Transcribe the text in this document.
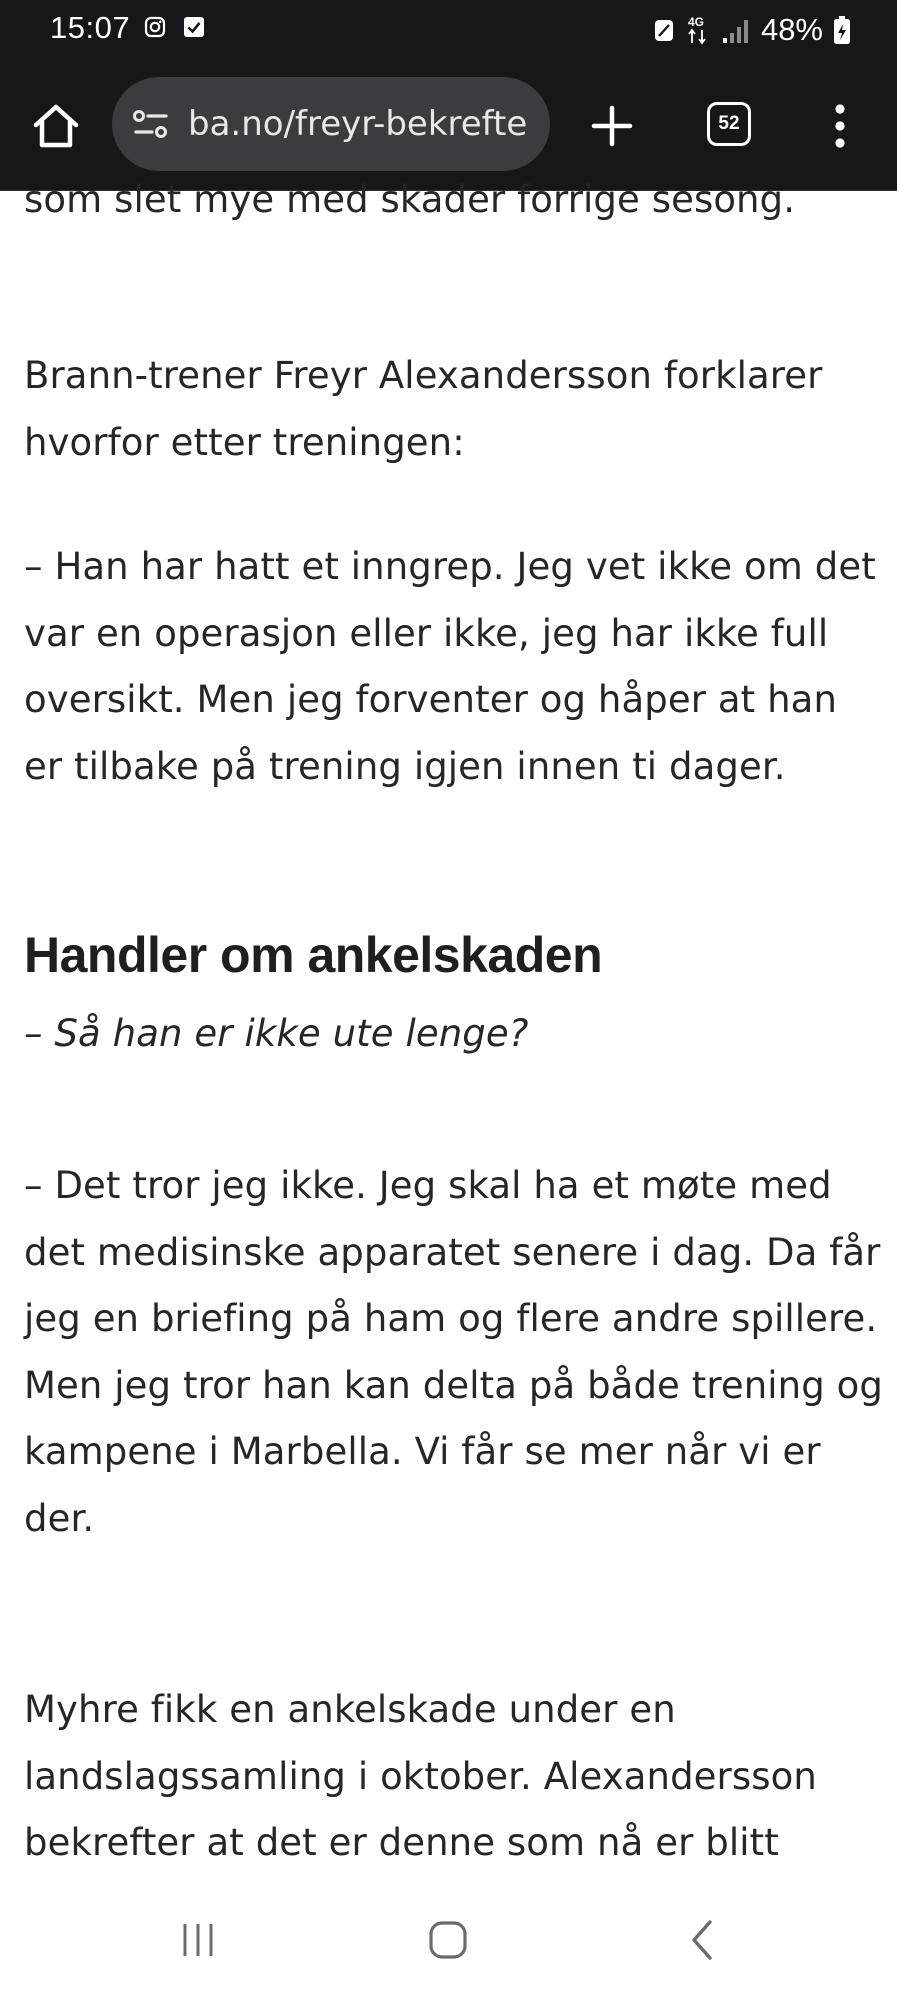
15:07	4G 48%
ba.no/freyr-bekrefte	52

som slet mye med skader forrige sesong.

Brann-trener Freyr Alexandersson forklarer hvorfor etter treningen:

– Han har hatt et inngrep. Jeg vet ikke om det var en operasjon eller ikke, jeg har ikke full oversikt. Men jeg forventer og håper at han er tilbake på trening igjen innen ti dager.

Handler om ankelskaden

– Så han er ikke ute lenge?

– Det tror jeg ikke. Jeg skal ha et møte med det medisinske apparatet senere i dag. Da får jeg en briefing på ham og flere andre spillere. Men jeg tror han kan delta på både trening og kampene i Marbella. Vi får se mer når vi er der.

Myhre fikk en ankelskade under en landslagssamling i oktober. Alexandersson bekrefter at det er denne som nå er blitt
